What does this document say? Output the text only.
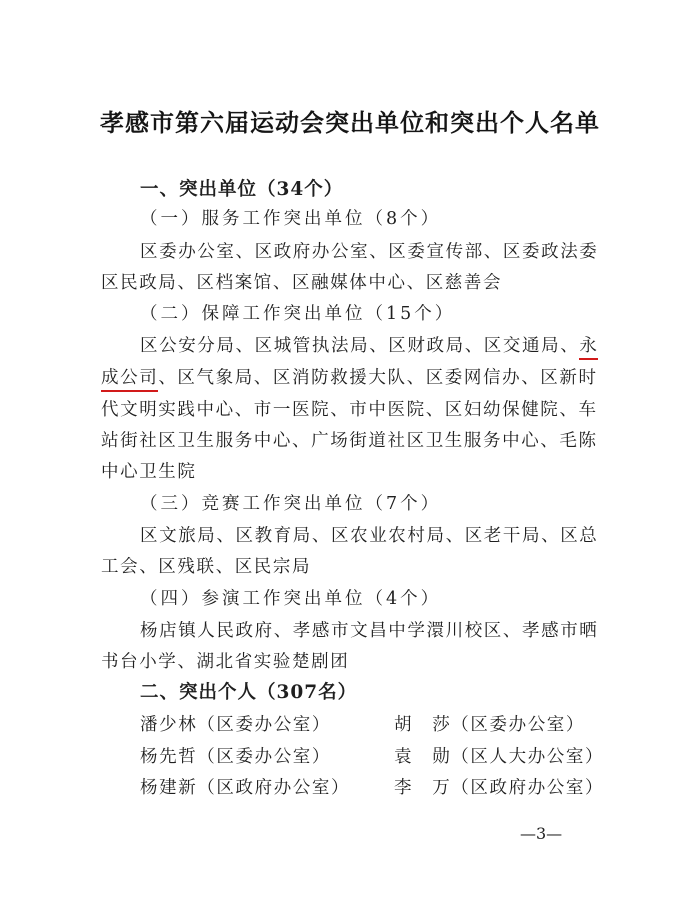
孝感市第六届运动会突出单位和突出个人名单
一、突出单位（34个）
（一）服务工作突出单位（8个）
区委办公室、区政府办公室、区委宣传部、区委政法委
区民政局、区档案馆、区融媒体中心、区慈善会
（二）保障工作突出单位（15个）
区公安分局、区城管执法局、区财政局、区交通局、永
成公司、区气象局、区消防救援大队、区委网信办、区新时
代文明实践中心、市一医院、市中医院、区妇幼保健院、车
站街社区卫生服务中心、广场街道社区卫生服务中心、毛陈
中心卫生院
（三）竞赛工作突出单位（7个）
区文旅局、区教育局、区农业农村局、区老干局、区总
工会、区残联、区民宗局
（四）参演工作突出单位（4个）
杨店镇人民政府、孝感市文昌中学澴川校区、孝感市晒
书台小学、湖北省实验楚剧团
二、突出个人（307名）
潘少林（区委办公室）	胡　莎（区委办公室）
杨先哲（区委办公室）	袁　勋（区人大办公室）
杨建新（区政府办公室）	李　万（区政府办公室）
—3—
